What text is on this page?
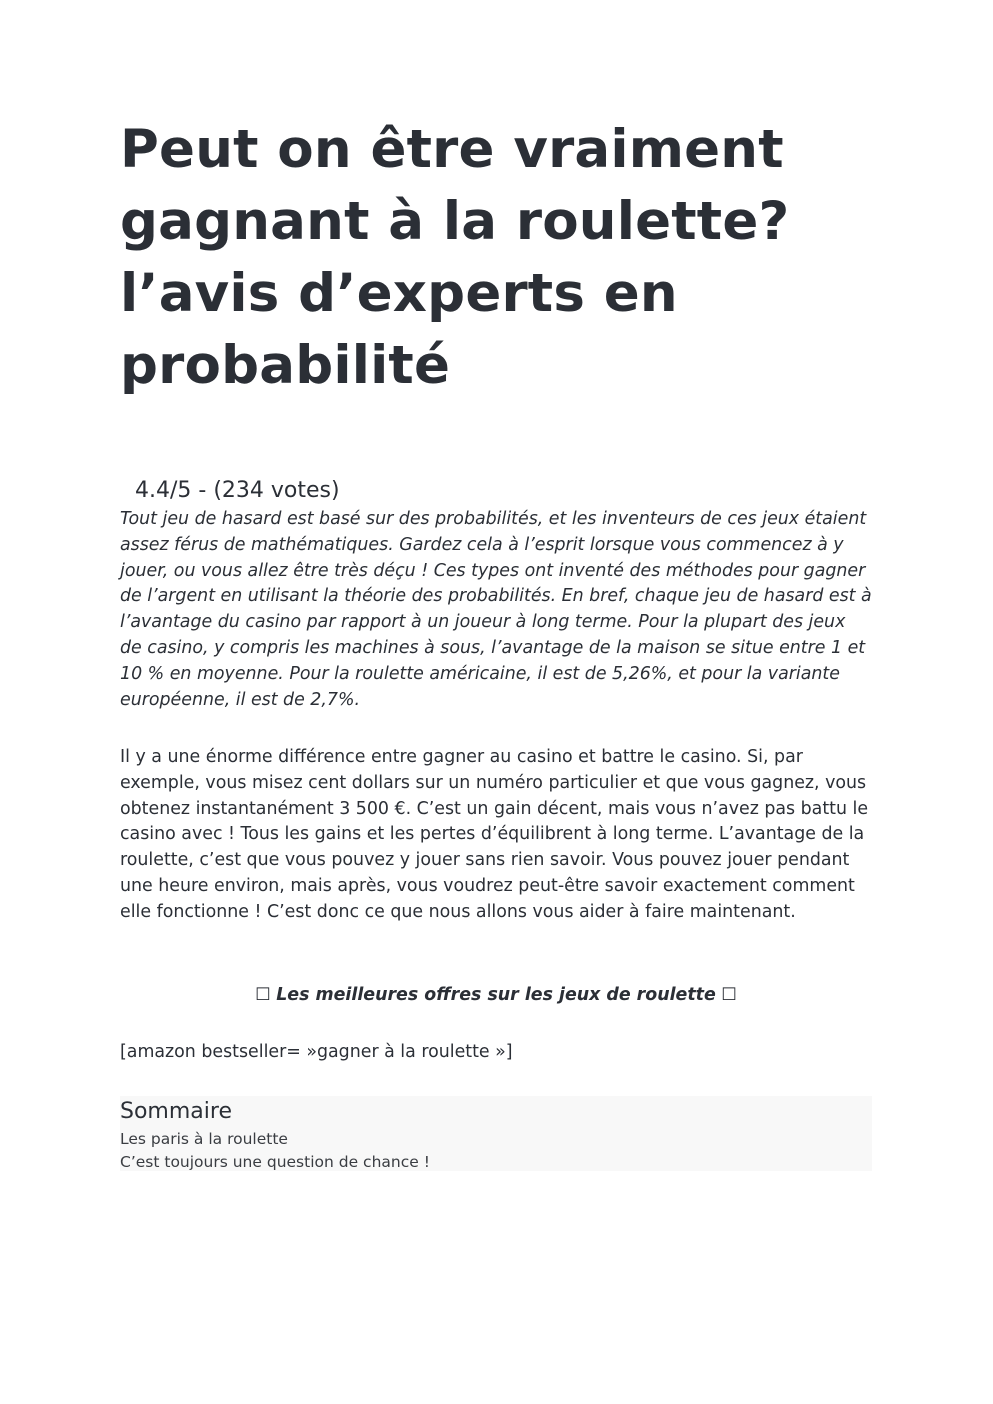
Peut on être vraiment gagnant à la roulette? l’avis d’experts en probabilité
4.4/5 - (234 votes)

Tout jeu de hasard est basé sur des probabilités, et les inventeurs de ces jeux étaient assez férus de mathématiques. Gardez cela à l’esprit lorsque vous commencez à y jouer, ou vous allez être très déçu ! Ces types ont inventé des méthodes pour gagner de l’argent en utilisant la théorie des probabilités. En bref, chaque jeu de hasard est à l’avantage du casino par rapport à un joueur à long terme. Pour la plupart des jeux de casino, y compris les machines à sous, l’avantage de la maison se situe entre 1 et 10 % en moyenne. Pour la roulette américaine, il est de 5,26%, et pour la variante européenne, il est de 2,7%.

Il y a une énorme différence entre gagner au casino et battre le casino. Si, par exemple, vous misez cent dollars sur un numéro particulier et que vous gagnez, vous obtenez instantanément 3 500 €. C’est un gain décent, mais vous n’avez pas battu le casino avec ! Tous les gains et les pertes d’équilibrent à long terme. L’avantage de la roulette, c’est que vous pouvez y jouer sans rien savoir. Vous pouvez jouer pendant une heure environ, mais après, vous voudrez peut-être savoir exactement comment elle fonctionne ! C’est donc ce que nous allons vous aider à faire maintenant.

☐ Les meilleures offres sur les jeux de roulette ☐
[amazon bestseller= »gagner à la roulette »]
Sommaire
Les paris à la roulette
C’est toujours une question de chance !
